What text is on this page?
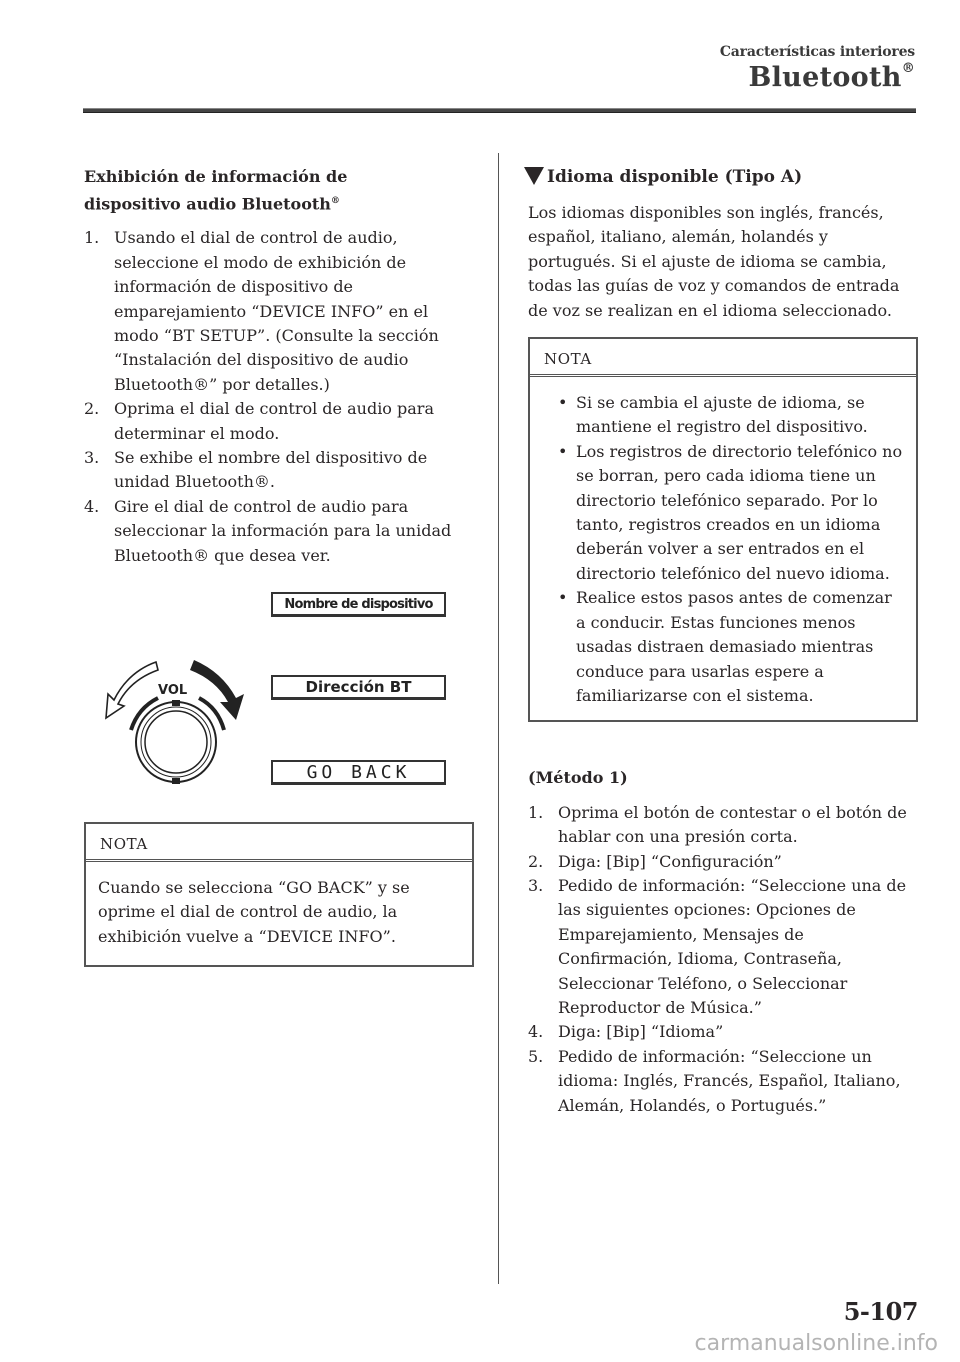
Características interiores
Bluetooth®
Exhibición de información de
dispositivo audio Bluetooth®
1. Usando el dial de control de audio, seleccione el modo de exhibición de información de dispositivo de emparejamiento “DEVICE INFO” en el modo “BT SETUP”. (Consulte la sección “Instalación del dispositivo de audio Bluetooth®” por detalles.)
2. Oprima el dial de control de audio para determinar el modo.
3. Se exhibe el nombre del dispositivo de unidad Bluetooth®.
4. Gire el dial de control de audio para seleccionar la información para la unidad Bluetooth® que desea ver.
VOL
Nombre de dispositivo
Dirección BT
GO BACK
NOTA
Cuando se selecciona “GO BACK” y se oprime el dial de control de audio, la exhibición vuelve a “DEVICE INFO”.
Idioma disponible (Tipo A)

Los idiomas disponibles son inglés, francés, español, italiano, alemán, holandés y portugués. Si el ajuste de idioma se cambia, todas las guías de voz y comandos de entrada de voz se realizan en el idioma seleccionado.

NOTA
• Si se cambia el ajuste de idioma, se mantiene el registro del dispositivo.
• Los registros de directorio telefónico no se borran, pero cada idioma tiene un directorio telefónico separado. Por lo tanto, registros creados en un idioma deberán volver a ser entrados en el directorio telefónico del nuevo idioma.
• Realice estos pasos antes de comenzar a conducir. Estas funciones menos usadas distraen demasiado mientras conduce para usarlas espere a familiarizarse con el sistema.
(Método 1)
1. Oprima el botón de contestar o el botón de hablar con una presión corta.
2. Diga: [Bip] “Configuración”
3. Pedido de información: “Seleccione una de las siguientes opciones: Opciones de Emparejamiento, Mensajes de Confirmación, Idioma, Contraseña, Seleccionar Teléfono, o Seleccionar Reproductor de Música.”
4. Diga: [Bip] “Idioma”
5. Pedido de información: “Seleccione un idioma: Inglés, Francés, Español, Italiano, Alemán, Holandés, o Portugués.”
5-107
carmanualsonline.info
